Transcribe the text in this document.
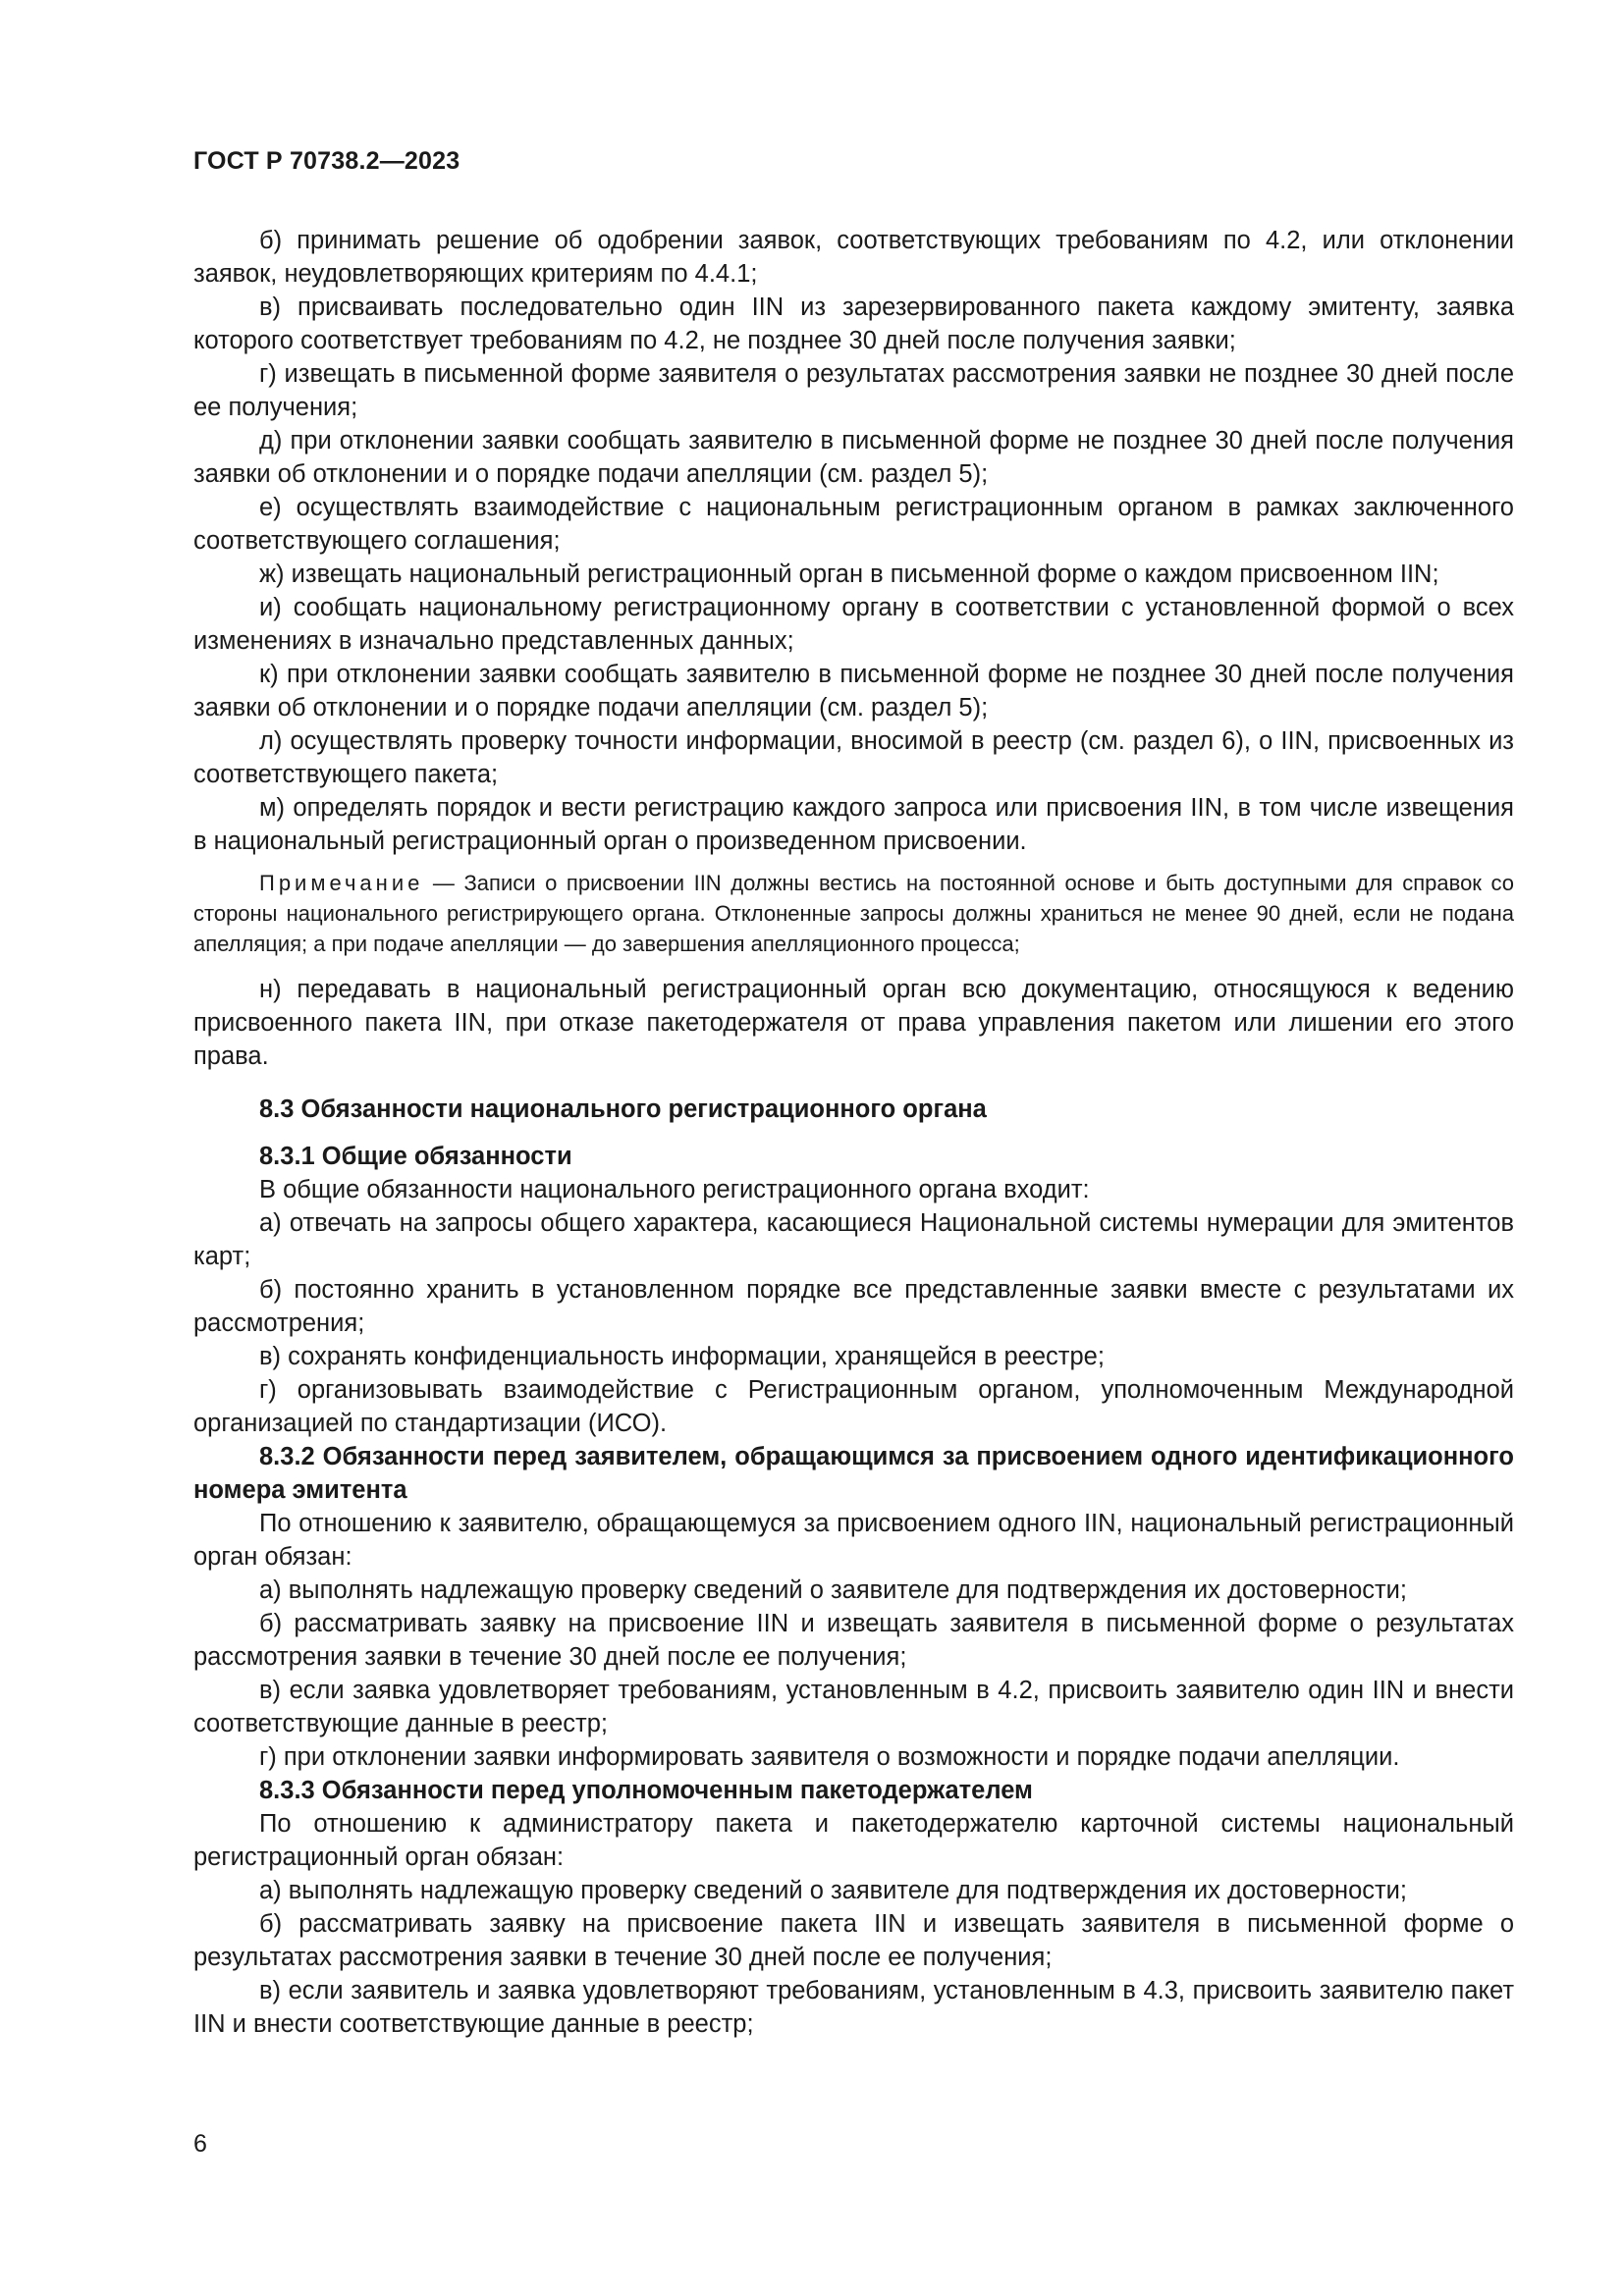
ГОСТ Р 70738.2—2023

б) принимать решение об одобрении заявок, соответствующих требованиям по 4.2, или отклонении заявок, неудовлетворяющих критериям по 4.4.1;

в) присваивать последовательно один IIN из зарезервированного пакета каждому эмитенту, заявка которого соответствует требованиям по 4.2, не позднее 30 дней после получения заявки;

г) извещать в письменной форме заявителя о результатах рассмотрения заявки не позднее 30 дней после ее получения;

д) при отклонении заявки сообщать заявителю в письменной форме не позднее 30 дней после получения заявки об отклонении и о порядке подачи апелляции (см. раздел 5);

е) осуществлять взаимодействие с национальным регистрационным органом в рамках заключенного соответствующего соглашения;

ж) извещать национальный регистрационный орган в письменной форме о каждом присвоенном IIN;

и) сообщать национальному регистрационному органу в соответствии с установленной формой о всех изменениях в изначально представленных данных;

к) при отклонении заявки сообщать заявителю в письменной форме не позднее 30 дней после получения заявки об отклонении и о порядке подачи апелляции (см. раздел 5);

л) осуществлять проверку точности информации, вносимой в реестр (см. раздел 6), о IIN, присвоенных из соответствующего пакета;

м) определять порядок и вести регистрацию каждого запроса или присвоения IIN, в том числе извещения в национальный регистрационный орган о произведенном присвоении.

Примечание — Записи о присвоении IIN должны вестись на постоянной основе и быть доступными для справок со стороны национального регистрирующего органа. Отклоненные запросы должны храниться не менее 90 дней, если не подана апелляция; а при подаче апелляции — до завершения апелляционного процесса;

н) передавать в национальный регистрационный орган всю документацию, относящуюся к ведению присвоенного пакета IIN, при отказе пакетодержателя от права управления пакетом или лишении его этого права.

8.3 Обязанности национального регистрационного органа

8.3.1 Общие обязанности

В общие обязанности национального регистрационного органа входит:

а) отвечать на запросы общего характера, касающиеся Национальной системы нумерации для эмитентов карт;

б) постоянно хранить в установленном порядке все представленные заявки вместе с результатами их рассмотрения;

в) сохранять конфиденциальность информации, хранящейся в реестре;

г) организовывать взаимодействие с Регистрационным органом, уполномоченным Международной организацией по стандартизации (ИСО).

8.3.2 Обязанности перед заявителем, обращающимся за присвоением одного идентификационного номера эмитента

По отношению к заявителю, обращающемуся за присвоением одного IIN, национальный регистрационный орган обязан:

а) выполнять надлежащую проверку сведений о заявителе для подтверждения их достоверности;

б) рассматривать заявку на присвоение IIN и извещать заявителя в письменной форме о результатах рассмотрения заявки в течение 30 дней после ее получения;

в) если заявка удовлетворяет требованиям, установленным в 4.2, присвоить заявителю один IIN и внести соответствующие данные в реестр;

г) при отклонении заявки информировать заявителя о возможности и порядке подачи апелляции.

8.3.3 Обязанности перед уполномоченным пакетодержателем

По отношению к администратору пакета и пакетодержателю карточной системы национальный регистрационный орган обязан:

а) выполнять надлежащую проверку сведений о заявителе для подтверждения их достоверности;

б) рассматривать заявку на присвоение пакета IIN и извещать заявителя в письменной форме о результатах рассмотрения заявки в течение 30 дней после ее получения;

в) если заявитель и заявка удовлетворяют требованиям, установленным в 4.3, присвоить заявителю пакет IIN и внести соответствующие данные в реестр;

6
